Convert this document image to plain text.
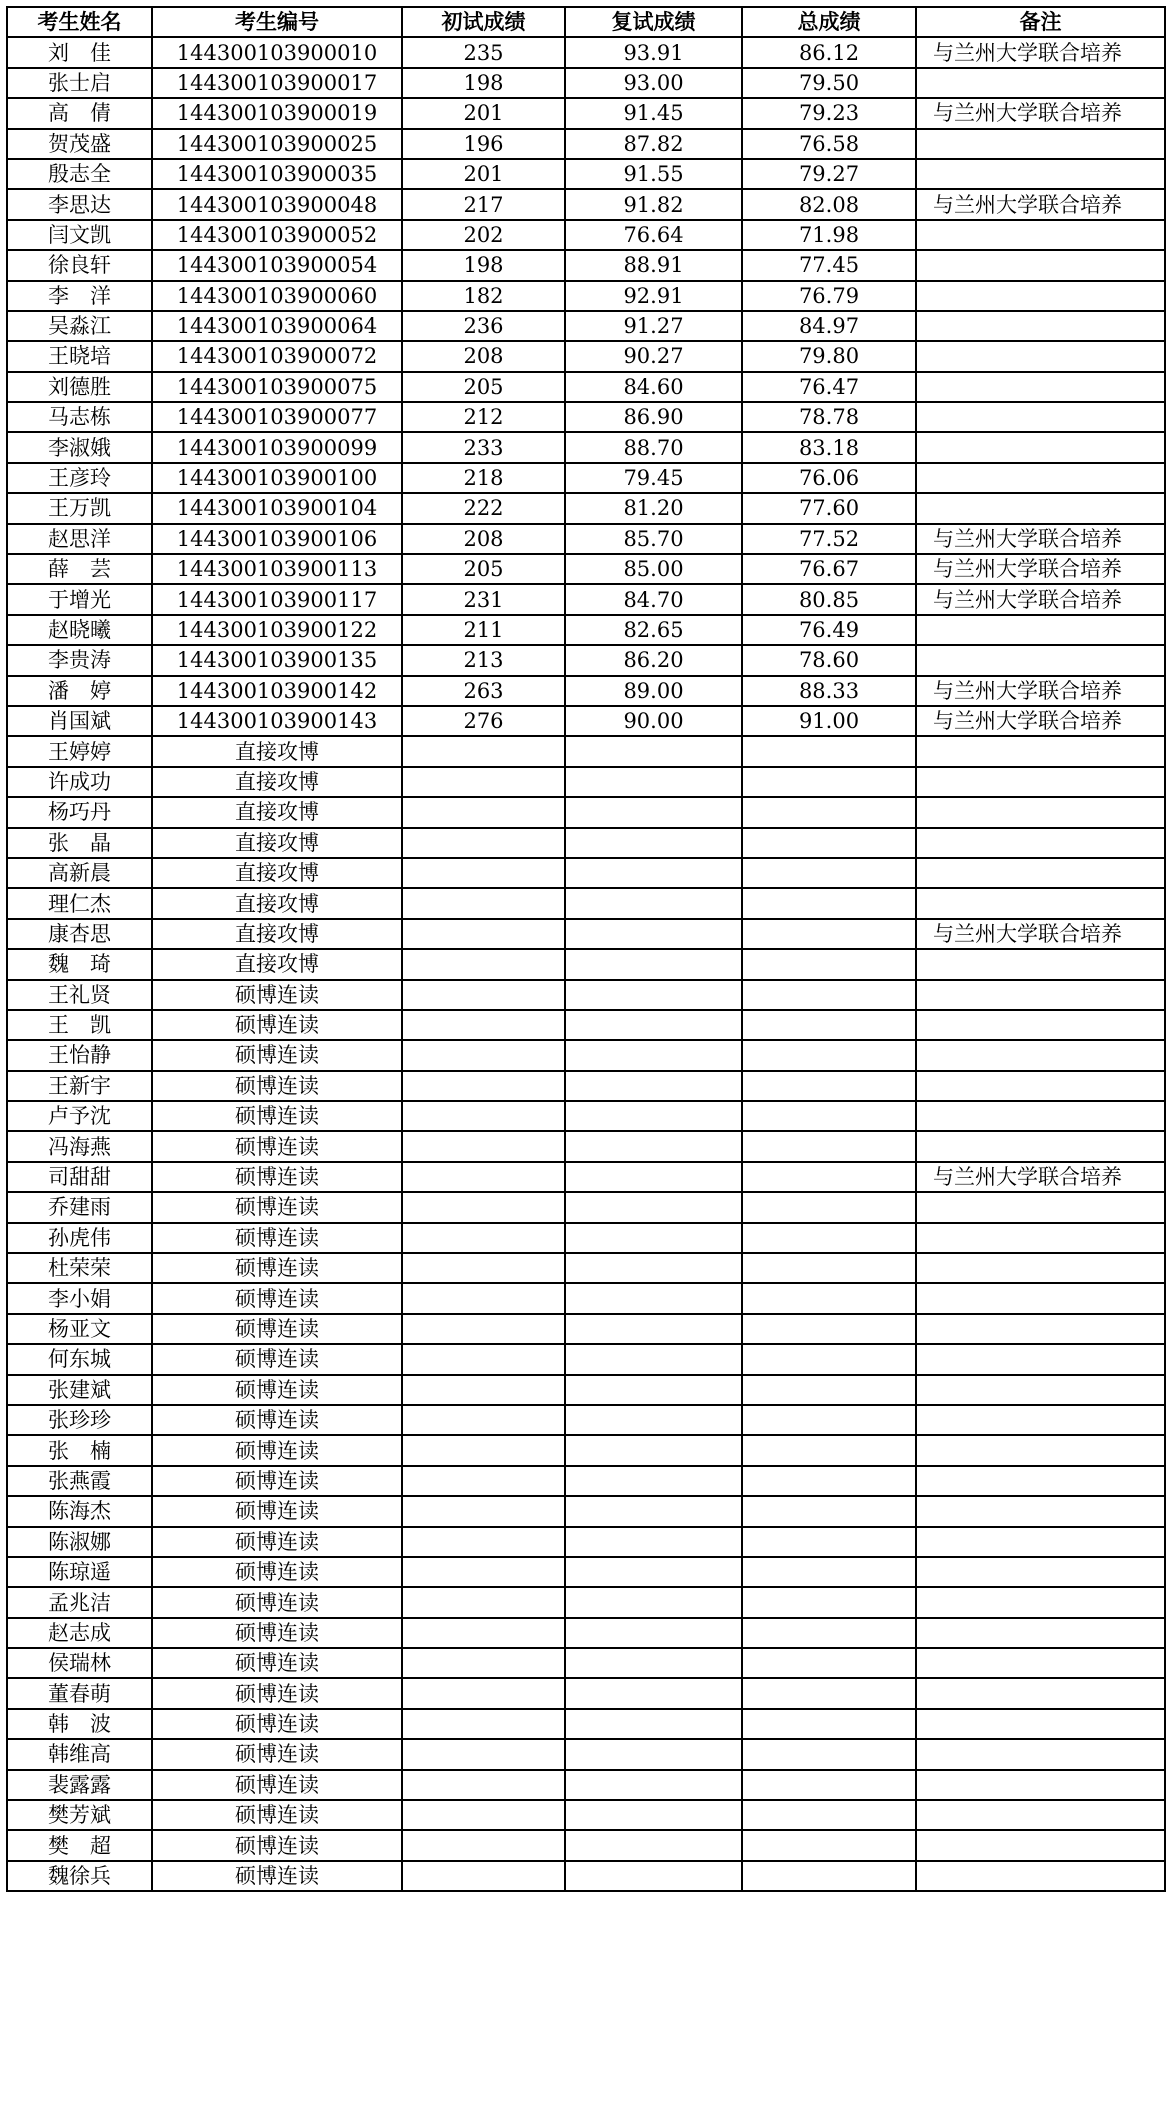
考生姓名	考生编号	初试成绩	复试成绩	总成绩	备注
刘　佳	144300103900010	235	93.91	86.12	与兰州大学联合培养
张士启	144300103900017	198	93.00	79.50	
高　倩	144300103900019	201	91.45	79.23	与兰州大学联合培养
贺茂盛	144300103900025	196	87.82	76.58	
殷志全	144300103900035	201	91.55	79.27	
李思达	144300103900048	217	91.82	82.08	与兰州大学联合培养
闫文凯	144300103900052	202	76.64	71.98	
徐良轩	144300103900054	198	88.91	77.45	
李　洋	144300103900060	182	92.91	76.79	
吴淼江	144300103900064	236	91.27	84.97	
王晓培	144300103900072	208	90.27	79.80	
刘德胜	144300103900075	205	84.60	76.47	
马志栋	144300103900077	212	86.90	78.78	
李淑娥	144300103900099	233	88.70	83.18	
王彦玲	144300103900100	218	79.45	76.06	
王万凯	144300103900104	222	81.20	77.60	
赵思洋	144300103900106	208	85.70	77.52	与兰州大学联合培养
薛　芸	144300103900113	205	85.00	76.67	与兰州大学联合培养
于增光	144300103900117	231	84.70	80.85	与兰州大学联合培养
赵晓曦	144300103900122	211	82.65	76.49	
李贵涛	144300103900135	213	86.20	78.60	
潘　婷	144300103900142	263	89.00	88.33	与兰州大学联合培养
肖国斌	144300103900143	276	90.00	91.00	与兰州大学联合培养
王婷婷	直接攻博				
许成功	直接攻博				
杨巧丹	直接攻博				
张　晶	直接攻博				
高新晨	直接攻博				
理仁杰	直接攻博				
康杏思	直接攻博				与兰州大学联合培养
魏　琦	直接攻博				
王礼贤	硕博连读				
王　凯	硕博连读				
王怡静	硕博连读				
王新宇	硕博连读				
卢予沈	硕博连读				
冯海燕	硕博连读				
司甜甜	硕博连读				与兰州大学联合培养
乔建雨	硕博连读				
孙虎伟	硕博连读				
杜荣荣	硕博连读				
李小娟	硕博连读				
杨亚文	硕博连读				
何东城	硕博连读				
张建斌	硕博连读				
张珍珍	硕博连读				
张　楠	硕博连读				
张燕霞	硕博连读				
陈海杰	硕博连读				
陈淑娜	硕博连读				
陈琼遥	硕博连读				
孟兆洁	硕博连读				
赵志成	硕博连读				
侯瑞林	硕博连读				
董春萌	硕博连读				
韩　波	硕博连读				
韩维高	硕博连读				
裴露露	硕博连读				
樊芳斌	硕博连读				
樊　超	硕博连读				
魏徐兵	硕博连读				
